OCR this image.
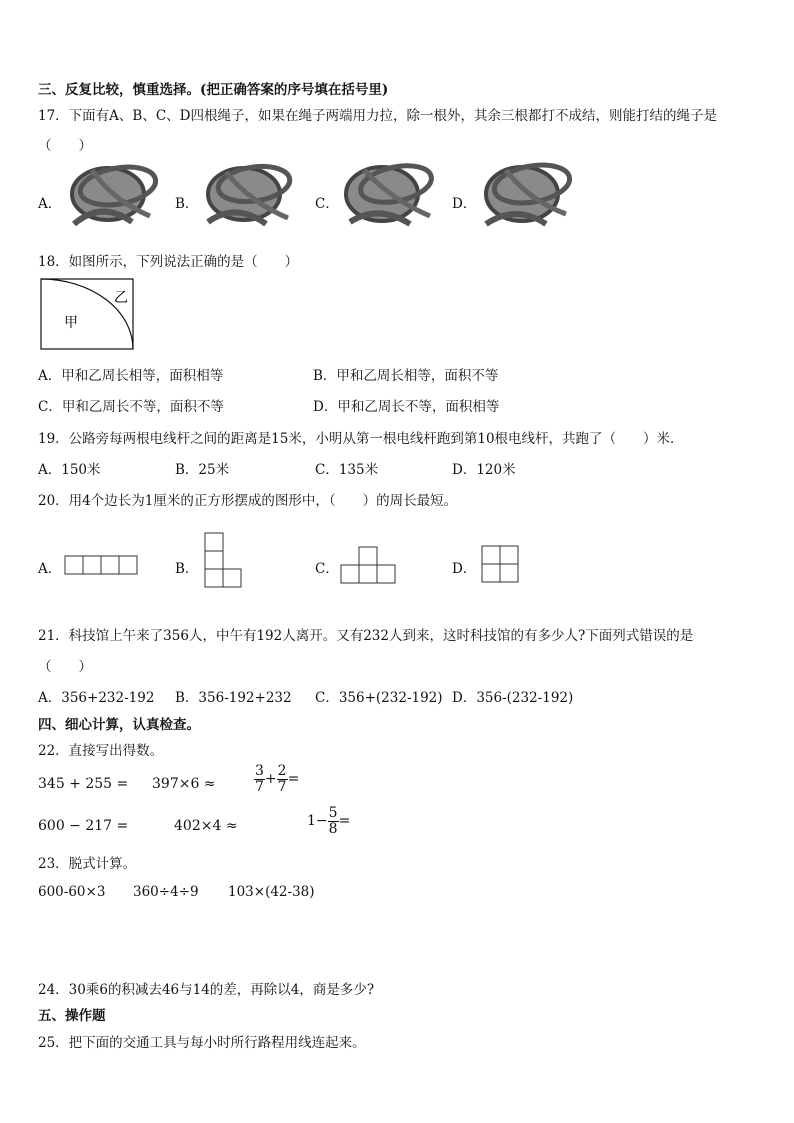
三、反复比较，慎重选择。(把正确答案的序号填在括号里)
17．下面有A、B、C、D四根绳子，如果在绳子两端用力拉，除一根外，其余三根都打不成结，则能打结的绳子是
（　　）
A．	B．	C．	D．
18．如图所示，下列说法正确的是（　　）
甲
乙
A．甲和乙周长相等，面积相等	B．甲和乙周长相等，面积不等
C．甲和乙周长不等，面积不等	D．甲和乙周长不等，面积相等
19．公路旁每两根电线杆之间的距离是15米，小明从第一根电线杆跑到第10根电线杆，共跑了（　　）米．
A．150米	B．25米	C．135米	D．120米
20．用4个边长为1厘米的正方形摆成的图形中，（　　）的周长最短。
A．	B．	C．	D．
21．科技馆上午来了356人，中午有192人离开。又有232人到来，这时科技馆的有多少人?下面列式错误的是
（　　）
A．356+232-192 B．356-192+232 C．356+(232-192) D．356-(232-192)
四、细心计算，认真检查。
22．直接写出得数。
345 + 255 = 397×6 ≈	$\frac{3}{7} + \frac{2}{7}$ =
600 − 217 =	402×4 ≈	$1- \frac{5}{8}$ =
23．脱式计算。
600-60×3 360÷4÷9 103×(42-38)
24．30乘6的积减去46与14的差，再除以4，商是多少?
五、操作题
25．把下面的交通工具与每小时所行路程用线连起来。
